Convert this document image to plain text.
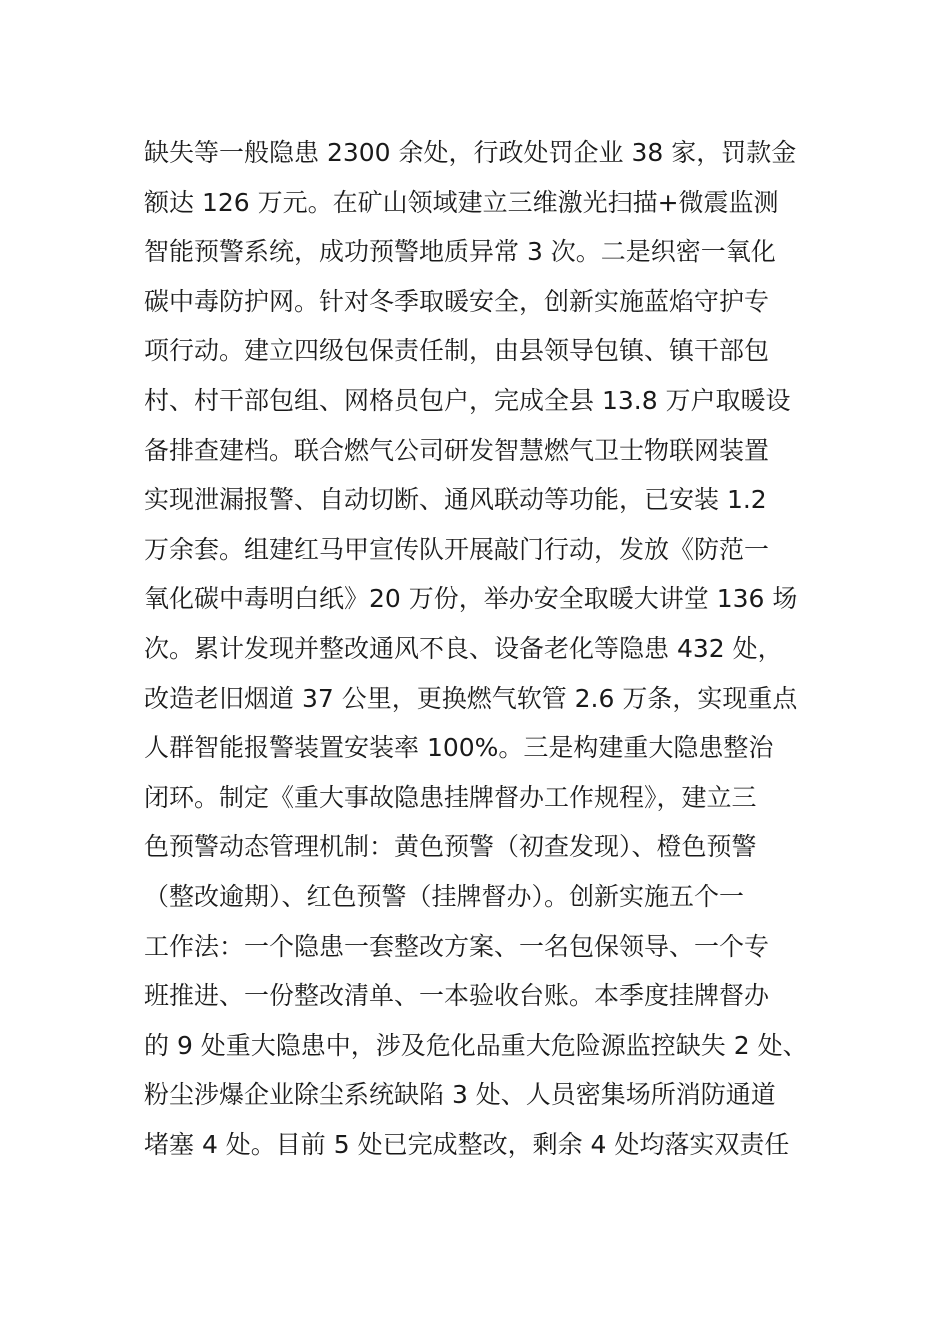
缺失等一般隐患 2300 余处，行政处罚企业 38 家，罚款金
额达 126 万元。在矿山领域建立三维激光扫描+微震监测
智能预警系统，成功预警地质异常 3 次。二是织密一氧化
碳中毒防护网。针对冬季取暖安全，创新实施蓝焰守护专
项行动。建立四级包保责任制，由县领导包镇、镇干部包
村、村干部包组、网格员包户，完成全县 13.8 万户取暖设
备排查建档。联合燃气公司研发智慧燃气卫士物联网装置
实现泄漏报警、自动切断、通风联动等功能，已安装 1.2
万余套。组建红马甲宣传队开展敲门行动，发放《防范一
氧化碳中毒明白纸》20 万份，举办安全取暖大讲堂 136 场
次。累计发现并整改通风不良、设备老化等隐患 432 处，
改造老旧烟道 37 公里，更换燃气软管 2.6 万条，实现重点
人群智能报警装置安装率 100%。三是构建重大隐患整治
闭环。制定《重大事故隐患挂牌督办工作规程》，建立三
色预警动态管理机制：黄色预警（初查发现）、橙色预警
（整改逾期）、红色预警（挂牌督办）。创新实施五个一
工作法：一个隐患一套整改方案、一名包保领导、一个专
班推进、一份整改清单、一本验收台账。本季度挂牌督办
的 9 处重大隐患中，涉及危化品重大危险源监控缺失 2 处、
粉尘涉爆企业除尘系统缺陷 3 处、人员密集场所消防通道
堵塞 4 处。目前 5 处已完成整改，剩余 4 处均落实双责任
